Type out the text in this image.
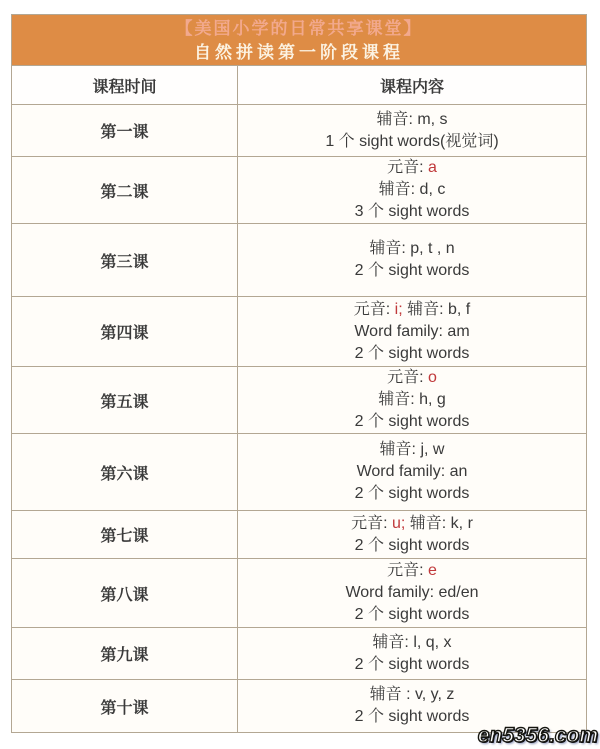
【美国小学的日常共享课堂】
自然拼读第一阶段课程
课程时间	课程内容
第一课
辅音: m, s
1 个 sight words(视觉词)
第二课
元音: a
辅音: d, c
3 个 sight words
第三课
辅音: p, t , n
2 个 sight words
第四课
元音: i; 辅音: b, f
Word family: am
2 个 sight words
第五课
元音: o
辅音: h, g
2 个 sight words
第六课
辅音: j, w
Word family: an
2 个 sight words
第七课
元音: u; 辅音: k, r
2 个 sight words
第八课
元音: e
Word family: ed/en
2 个 sight words
第九课
辅音: l, q, x
2 个 sight words
第十课
辅音 : v, y, z
2 个 sight words
en5356.com
